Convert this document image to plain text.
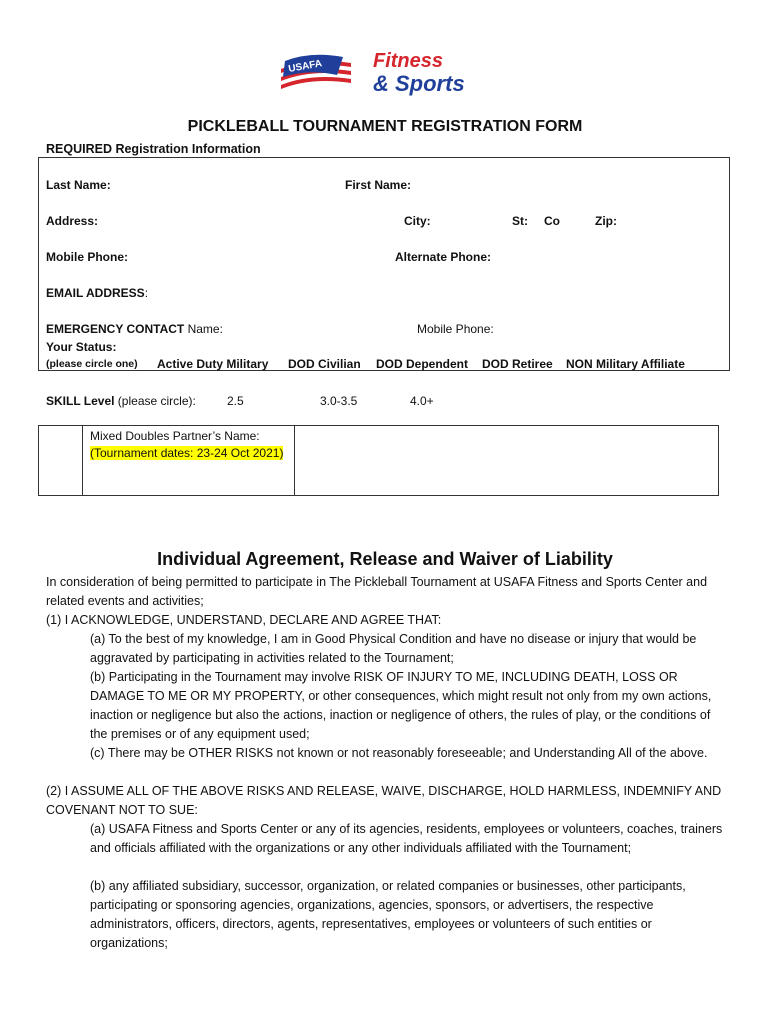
USAFA	Fitness
& Sports
PICKLEBALL TOURNAMENT REGISTRATION FORM
REQUIRED Registration Information
Last Name:	First Name:
Address:	City:	St: Co	Zip:
Mobile Phone:	Alternate Phone:
EMAIL ADDRESS:
EMERGENCY CONTACT Name:	Mobile Phone:
Your Status:
(please circle one) Active Duty Military DOD Civilian DOD Dependent DOD Retiree NON Military Affiliate
SKILL Level (please circle):	2.5	3.0-3.5	4.0+
Mixed Doubles Partner’s Name:
(Tournament dates: 23-24 Oct 2021)
Individual Agreement, Release and Waiver of Liability
In consideration of being permitted to participate in The Pickleball Tournament at USAFA Fitness and Sports Center and related events and activities;
(1) I ACKNOWLEDGE, UNDERSTAND, DECLARE AND AGREE THAT:
(a) To the best of my knowledge, I am in Good Physical Condition and have no disease or injury that would be aggravated by participating in activities related to the Tournament;
(b) Participating in the Tournament may involve RISK OF INJURY TO ME, INCLUDING DEATH, LOSS OR DAMAGE TO ME OR MY PROPERTY, or other consequences, which might result not only from my own actions, inaction or negligence but also the actions, inaction or negligence of others, the rules of play, or the conditions of the premises or of any equipment used;
(c) There may be OTHER RISKS not known or not reasonably foreseeable; and Understanding All of the above.
(2) I ASSUME ALL OF THE ABOVE RISKS AND RELEASE, WAIVE, DISCHARGE, HOLD HARMLESS, INDEMNIFY AND COVENANT NOT TO SUE:
(a) USAFA Fitness and Sports Center or any of its agencies, residents, employees or volunteers, coaches, trainers and officials affiliated with the organizations or any other individuals affiliated with the Tournament;
(b) any affiliated subsidiary, successor, organization, or related companies or businesses, other participants, participating or sponsoring agencies, organizations, agencies, sponsors, or advertisers, the respective administrators, officers, directors, agents, representatives, employees or volunteers of such entities or organizations;
